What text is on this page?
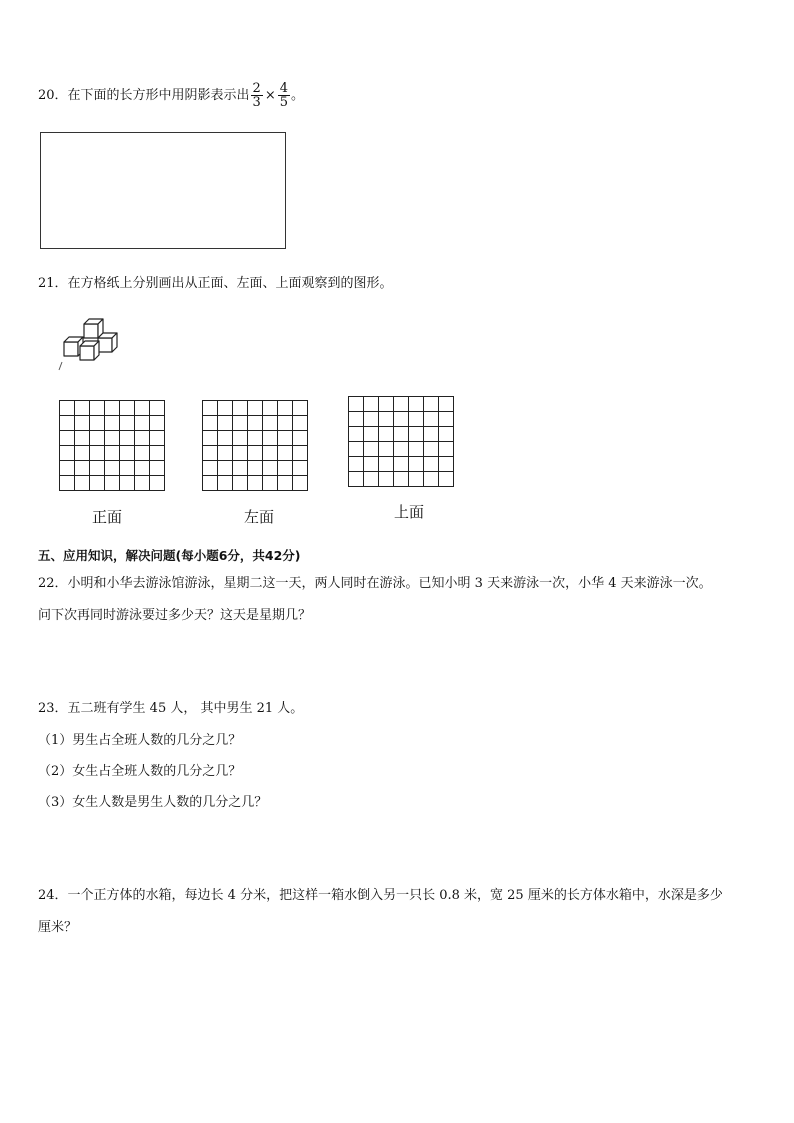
20．在下面的长方形中用阴影表示出 $\frac{2}{3} \times \frac{4}{5}$ 。
21．在方格纸上分别画出从正面、左面、上面观察到的图形。

正面

							左面

							上面
五、应用知识，解决问题(每小题6分，共42分)
22．小明和小华去游泳馆游泳，星期二这一天，两人同时在游泳。已知小明 3 天来游泳一次，小华 4 天来游泳一次。
问下次再同时游泳要过多少天？这天是星期几？
23．五二班有学生 45 人， 其中男生 21 人。
（1）男生占全班人数的几分之几？
（2）女生占全班人数的几分之几？
（3）女生人数是男生人数的几分之几？
24．一个正方体的水箱，每边长 4 分米，把这样一箱水倒入另一只长 0.8 米，宽 25 厘米的长方体水箱中，水深是多少
厘米？
